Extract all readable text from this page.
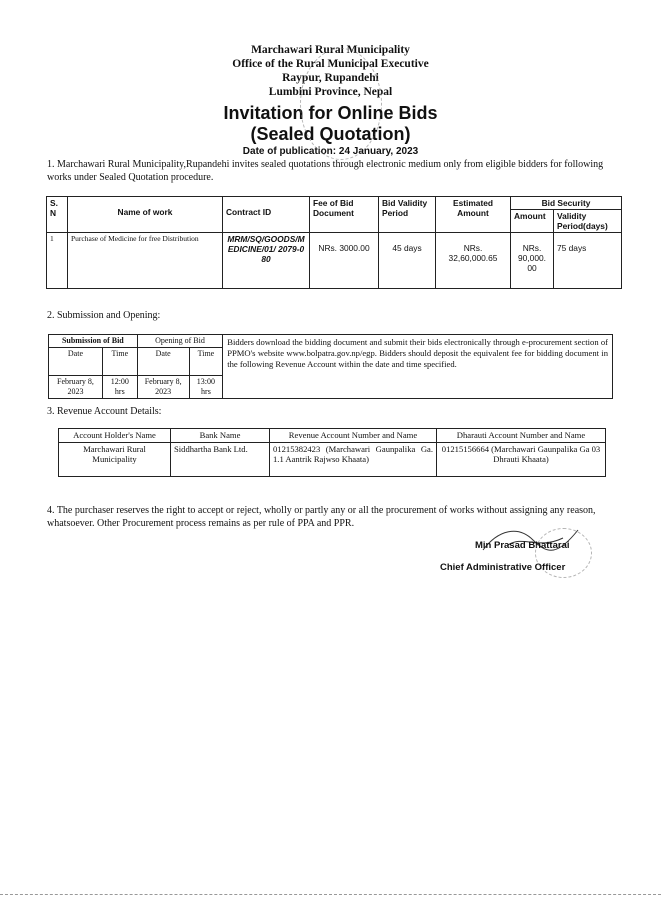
Marchawari Rural Municipality
Office of the Rural Municipal Executive
Raypur, Rupandehi
Lumbini Province, Nepal
Invitation for Online Bids
(Sealed Quotation)
Date of publication: 24 January, 2023
1. Marchawari Rural Municipality,Rupandehi invites sealed quotations through electronic medium only from eligible bidders for following works under Sealed Quotation procedure.
S. N	Name of work	Contract ID	Fee of Bid Document	Bid Validity Period	Estimated Amount	Bid Security	
						Amount	Validity Period(days)
1	Purchase of Medicine for free Distribution	MRM/SQ/GOODS/MEDICINE/01/ 2079-080	NRs. 3000.00	45 days	NRs. 32,60,000.65	NRs. 90,000. 00	75 days
2. Submission and Opening:
Submission of Bid		Opening of Bid		Bidders download the bidding document and submit their bids electronically through e-procurement section of PPMO's website www.bolpatra.gov.np/egp. Bidders should deposit the equivalent fee for bidding document in the following Revenue Account within the date and time specified.
Date	Time	Date	Time	
February 8, 2023	12:00 hrs	February 8, 2023	13:00 hrs	
3. Revenue Account Details:
Account Holder's Name	Bank Name	Revenue Account Number and Name	Dharauti Account Number and Name
Marchawari Rural Municipality	Siddhartha Bank Ltd.	01215382423 (Marchawari Gaunpalika Ga. 1.1 Aantrik Rajwso Khaata)	01215156664 (Marchawari Gaunpalika Ga 03 Dhrauti Khaata)
4. The purchaser reserves the right to accept or reject, wholly or partly any or all the procurement of works without assigning any reason, whatsoever. Other Procurement process remains as per rule of PPA and PPR.
Min Prasad Bhattarai
Chief Administrative Officer
